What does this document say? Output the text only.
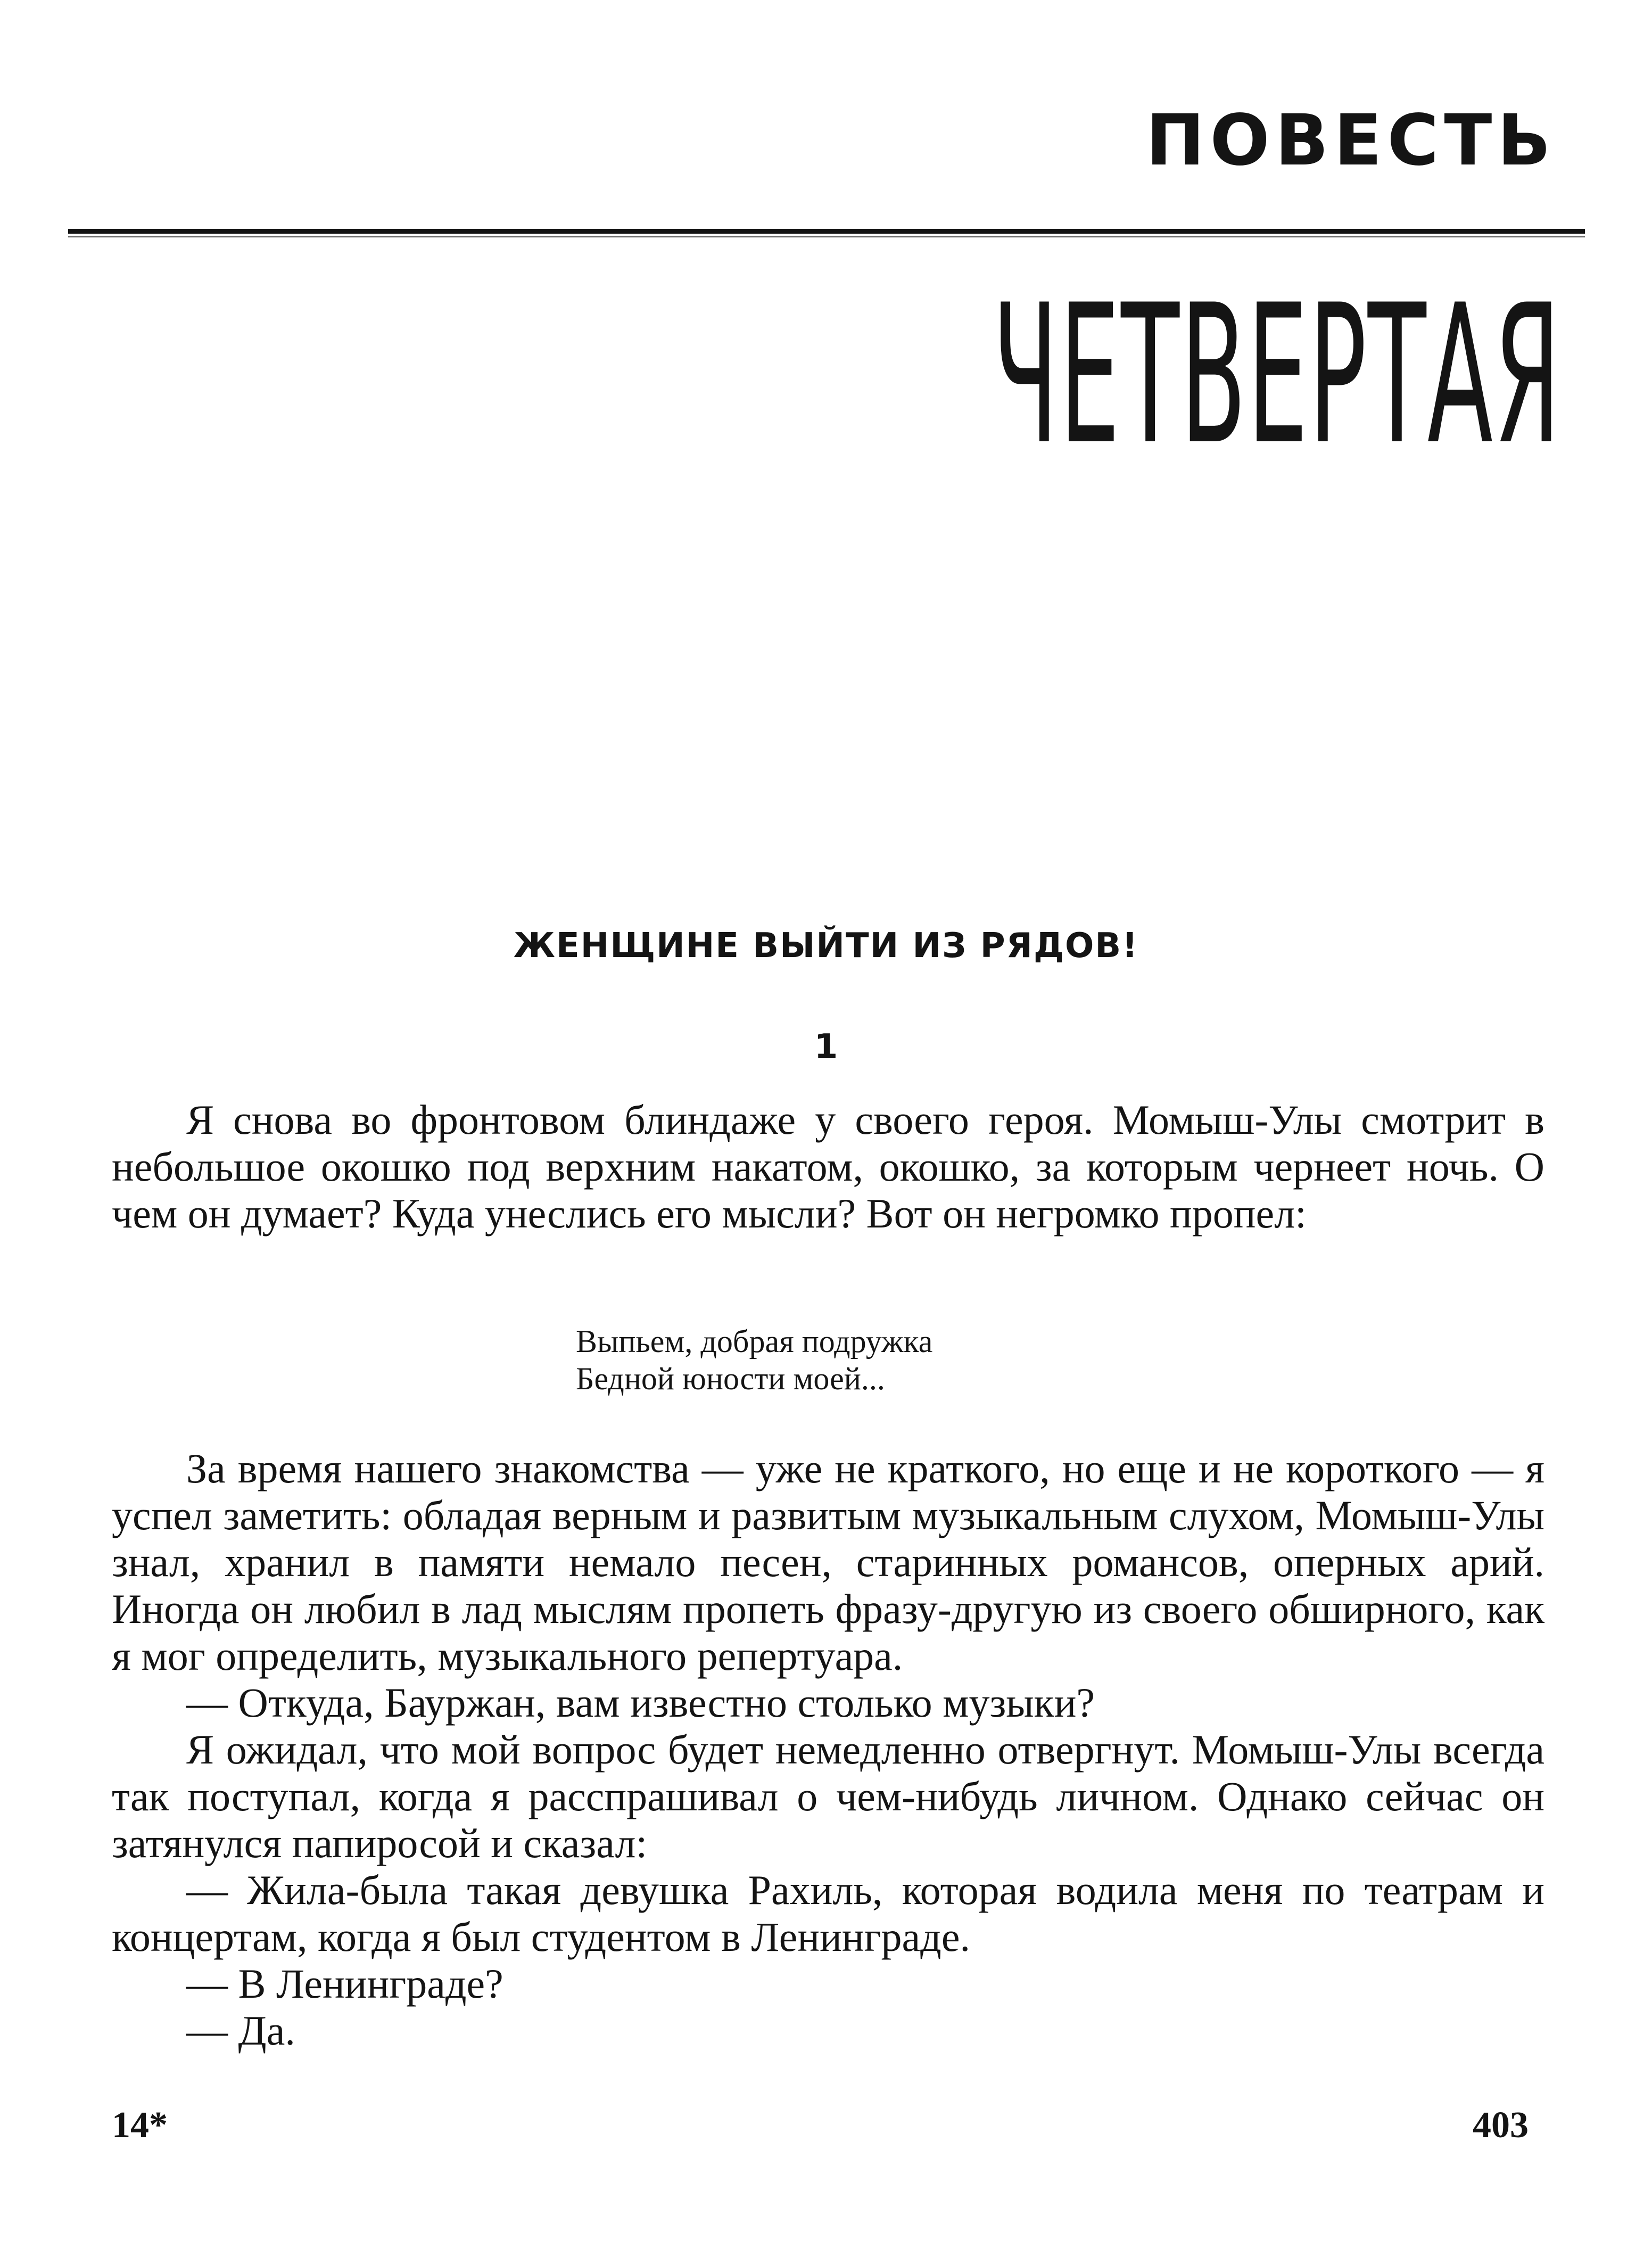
ПОВЕСТЬ
ЧЕТВЕРТАЯ
ЖЕНЩИНЕ ВЫЙТИ ИЗ РЯДОВ!
1

Я снова во фронтовом блиндаже у своего героя. Момыш-Улы смотрит в небольшое окошко под верхним накатом, окошко, за которым чернеет ночь. О чем он думает? Куда унеслись его мысли? Вот он негромко пропел:

Выпьем, добрая подружка
Бедной юности моей...

За время нашего знакомства — уже не краткого, но еще и не короткого — я успел заметить: обладая верным и развитым музыкальным слухом, Момыш-Улы знал, хранил в памяти немало песен, старинных романсов, оперных арий. Иногда он любил в лад мыслям пропеть фразу-другую из своего обширного, как я мог определить, музыкального репертуара.

— Откуда, Бауржан, вам известно столько музыки?

Я ожидал, что мой вопрос будет немедленно отвергнут. Момыш-Улы всегда так поступал, когда я расспрашивал о чем-нибудь личном. Однако сейчас он затянулся папиросой и сказал:

— Жила-была такая девушка Рахиль, которая водила меня по театрам и концертам, когда я был студентом в Ленинграде.

— В Ленинграде?

— Да.

14*	403
